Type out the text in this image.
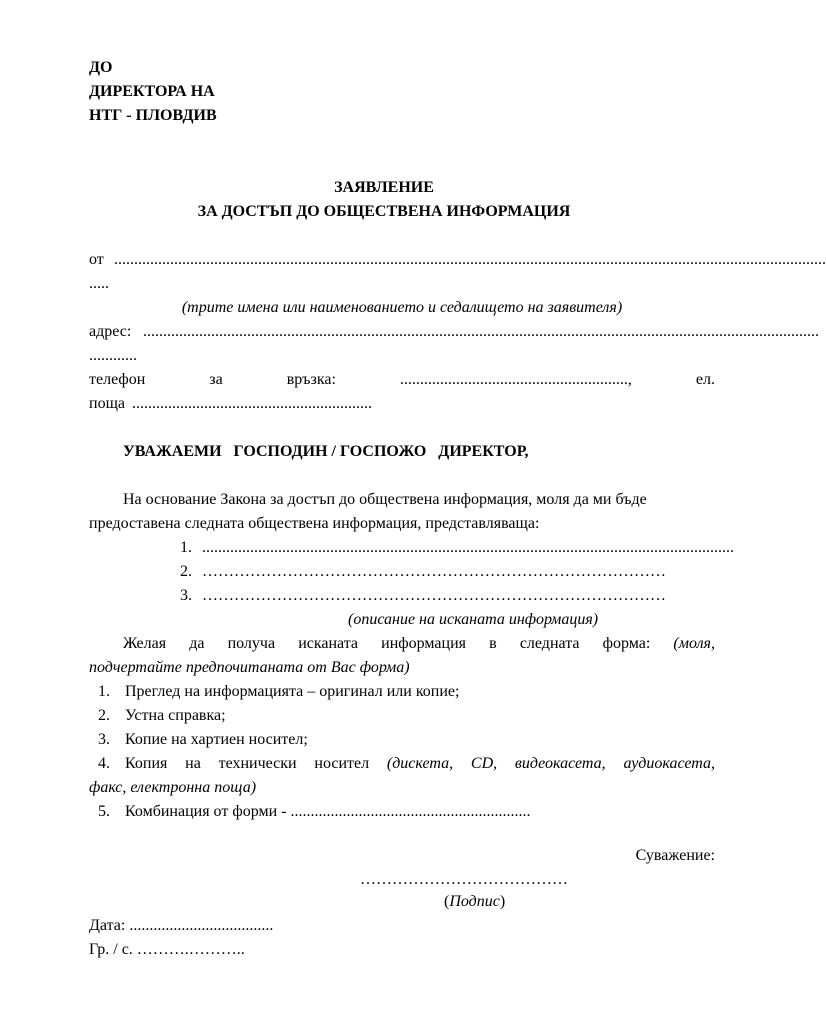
ДО
ДИРЕКТОРА НА
НТГ - ПЛОВДИВ
ЗАЯВЛЕНИЕ
ЗА ДОСТЪП ДО ОБЩЕСТВЕНА ИНФОРМАЦИЯ
от ..................................................................................................................................................................................
.....
(трите имена или наименованието и седалището на заявителя)
адрес: .........................................................................................................................................................................
............
телефон	за	връзка:	.........................................................,	ел.
поща ............................................................
УВАЖАЕМИ   ГОСПОДИН / ГОСПОЖО   ДИРЕКТОР,
На основание Закона за достъп до обществена информация, моля да ми бъде
предоставена следната обществена информация, представляваща:
1. .....................................................................................................................................
2. ……………………………………………………………………………
3. ……………………………………………………………………………
(описание на исканата информация)
Желая да получа исканата информация в следната форма: (моля,
подчертайте предпочитаната от Вас форма)
1. Преглед на информацията – оригинал или копие;
2. Устна справка;
3. Копие на хартиен носител;
4. Копия на технически носител (дискета, CD, видеокасета, аудиокасета,
факс, електронна поща)
5. Комбинация от форми - ............................................................
Суважение:
…………………………………
(Подпис)
Дата: ....................................
Гр. / с. ……….………..
